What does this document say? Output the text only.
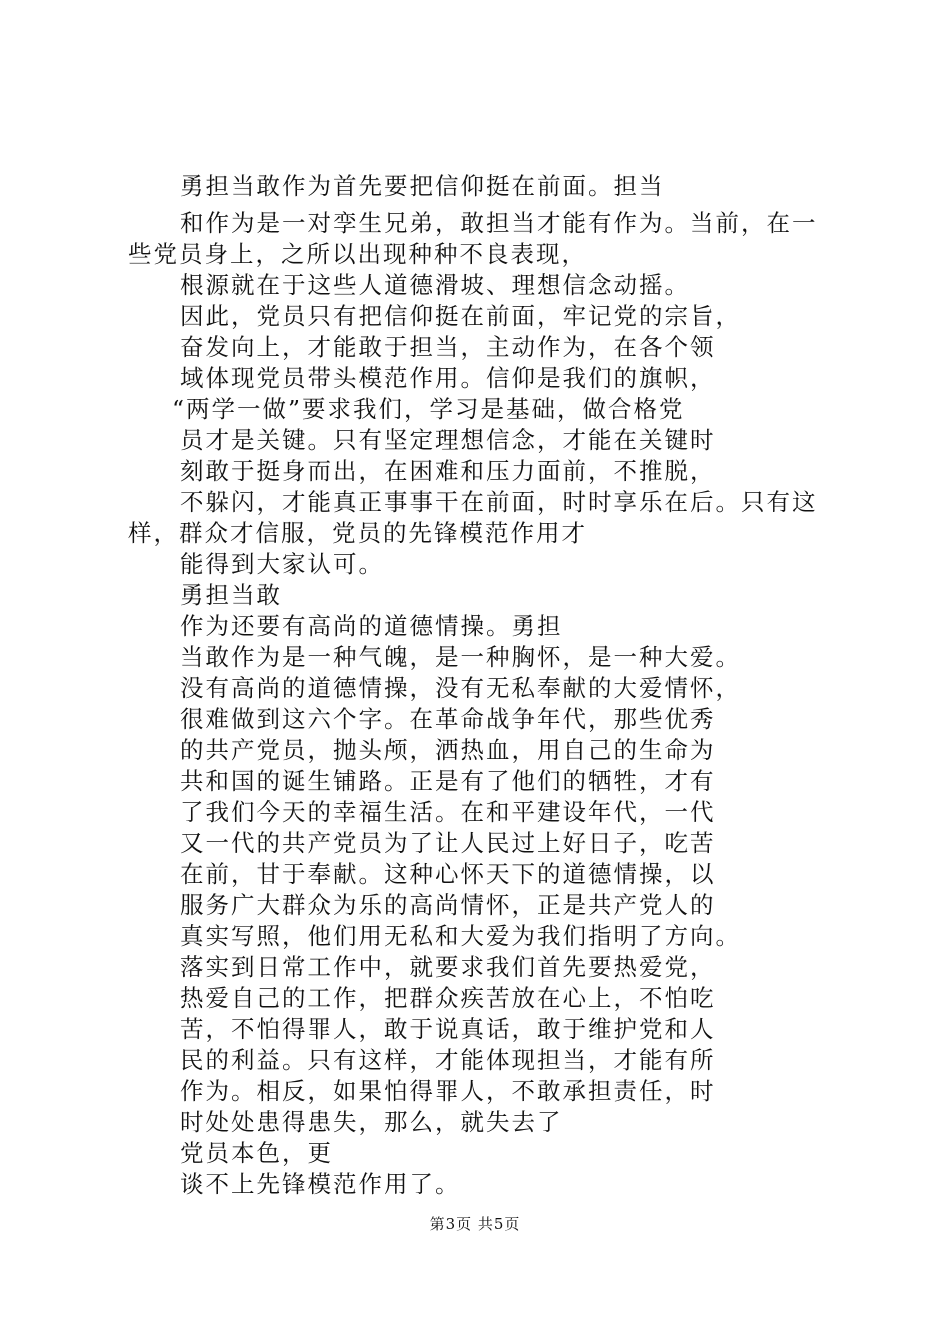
勇担当敢作为首先要把信仰挺在前面。担当
和作为是一对孪生兄弟，敢担当才能有作为。当前，在一
些党员身上，之所以出现种种不良表现，
根源就在于这些人道德滑坡、理想信念动摇。
因此，党员只有把信仰挺在前面，牢记党的宗旨，
奋发向上，才能敢于担当，主动作为，在各个领
域体现党员带头模范作用。信仰是我们的旗帜，
“两学一做”要求我们，学习是基础，做合格党
员才是关键。只有坚定理想信念，才能在关键时
刻敢于挺身而出，在困难和压力面前，不推脱，
不躲闪，才能真正事事干在前面，时时享乐在后。只有这
样，群众才信服，党员的先锋模范作用才
能得到大家认可。
勇担当敢
作为还要有高尚的道德情操。勇担
当敢作为是一种气魄，是一种胸怀，是一种大爱。
没有高尚的道德情操，没有无私奉献的大爱情怀，
很难做到这六个字。在革命战争年代，那些优秀
的共产党员，抛头颅，洒热血，用自己的生命为
共和国的诞生铺路。正是有了他们的牺牲，才有
了我们今天的幸福生活。在和平建设年代，一代
又一代的共产党员为了让人民过上好日子，吃苦
在前，甘于奉献。这种心怀天下的道德情操，以
服务广大群众为乐的高尚情怀，正是共产党人的
真实写照，他们用无私和大爱为我们指明了方向。
落实到日常工作中，就要求我们首先要热爱党，
热爱自己的工作，把群众疾苦放在心上，不怕吃
苦，不怕得罪人，敢于说真话，敢于维护党和人
民的利益。只有这样，才能体现担当，才能有所
作为。相反，如果怕得罪人，不敢承担责任，时
时处处患得患失，那么，就失去了
党员本色，更
谈不上先锋模范作用了。
第3页 共5页
